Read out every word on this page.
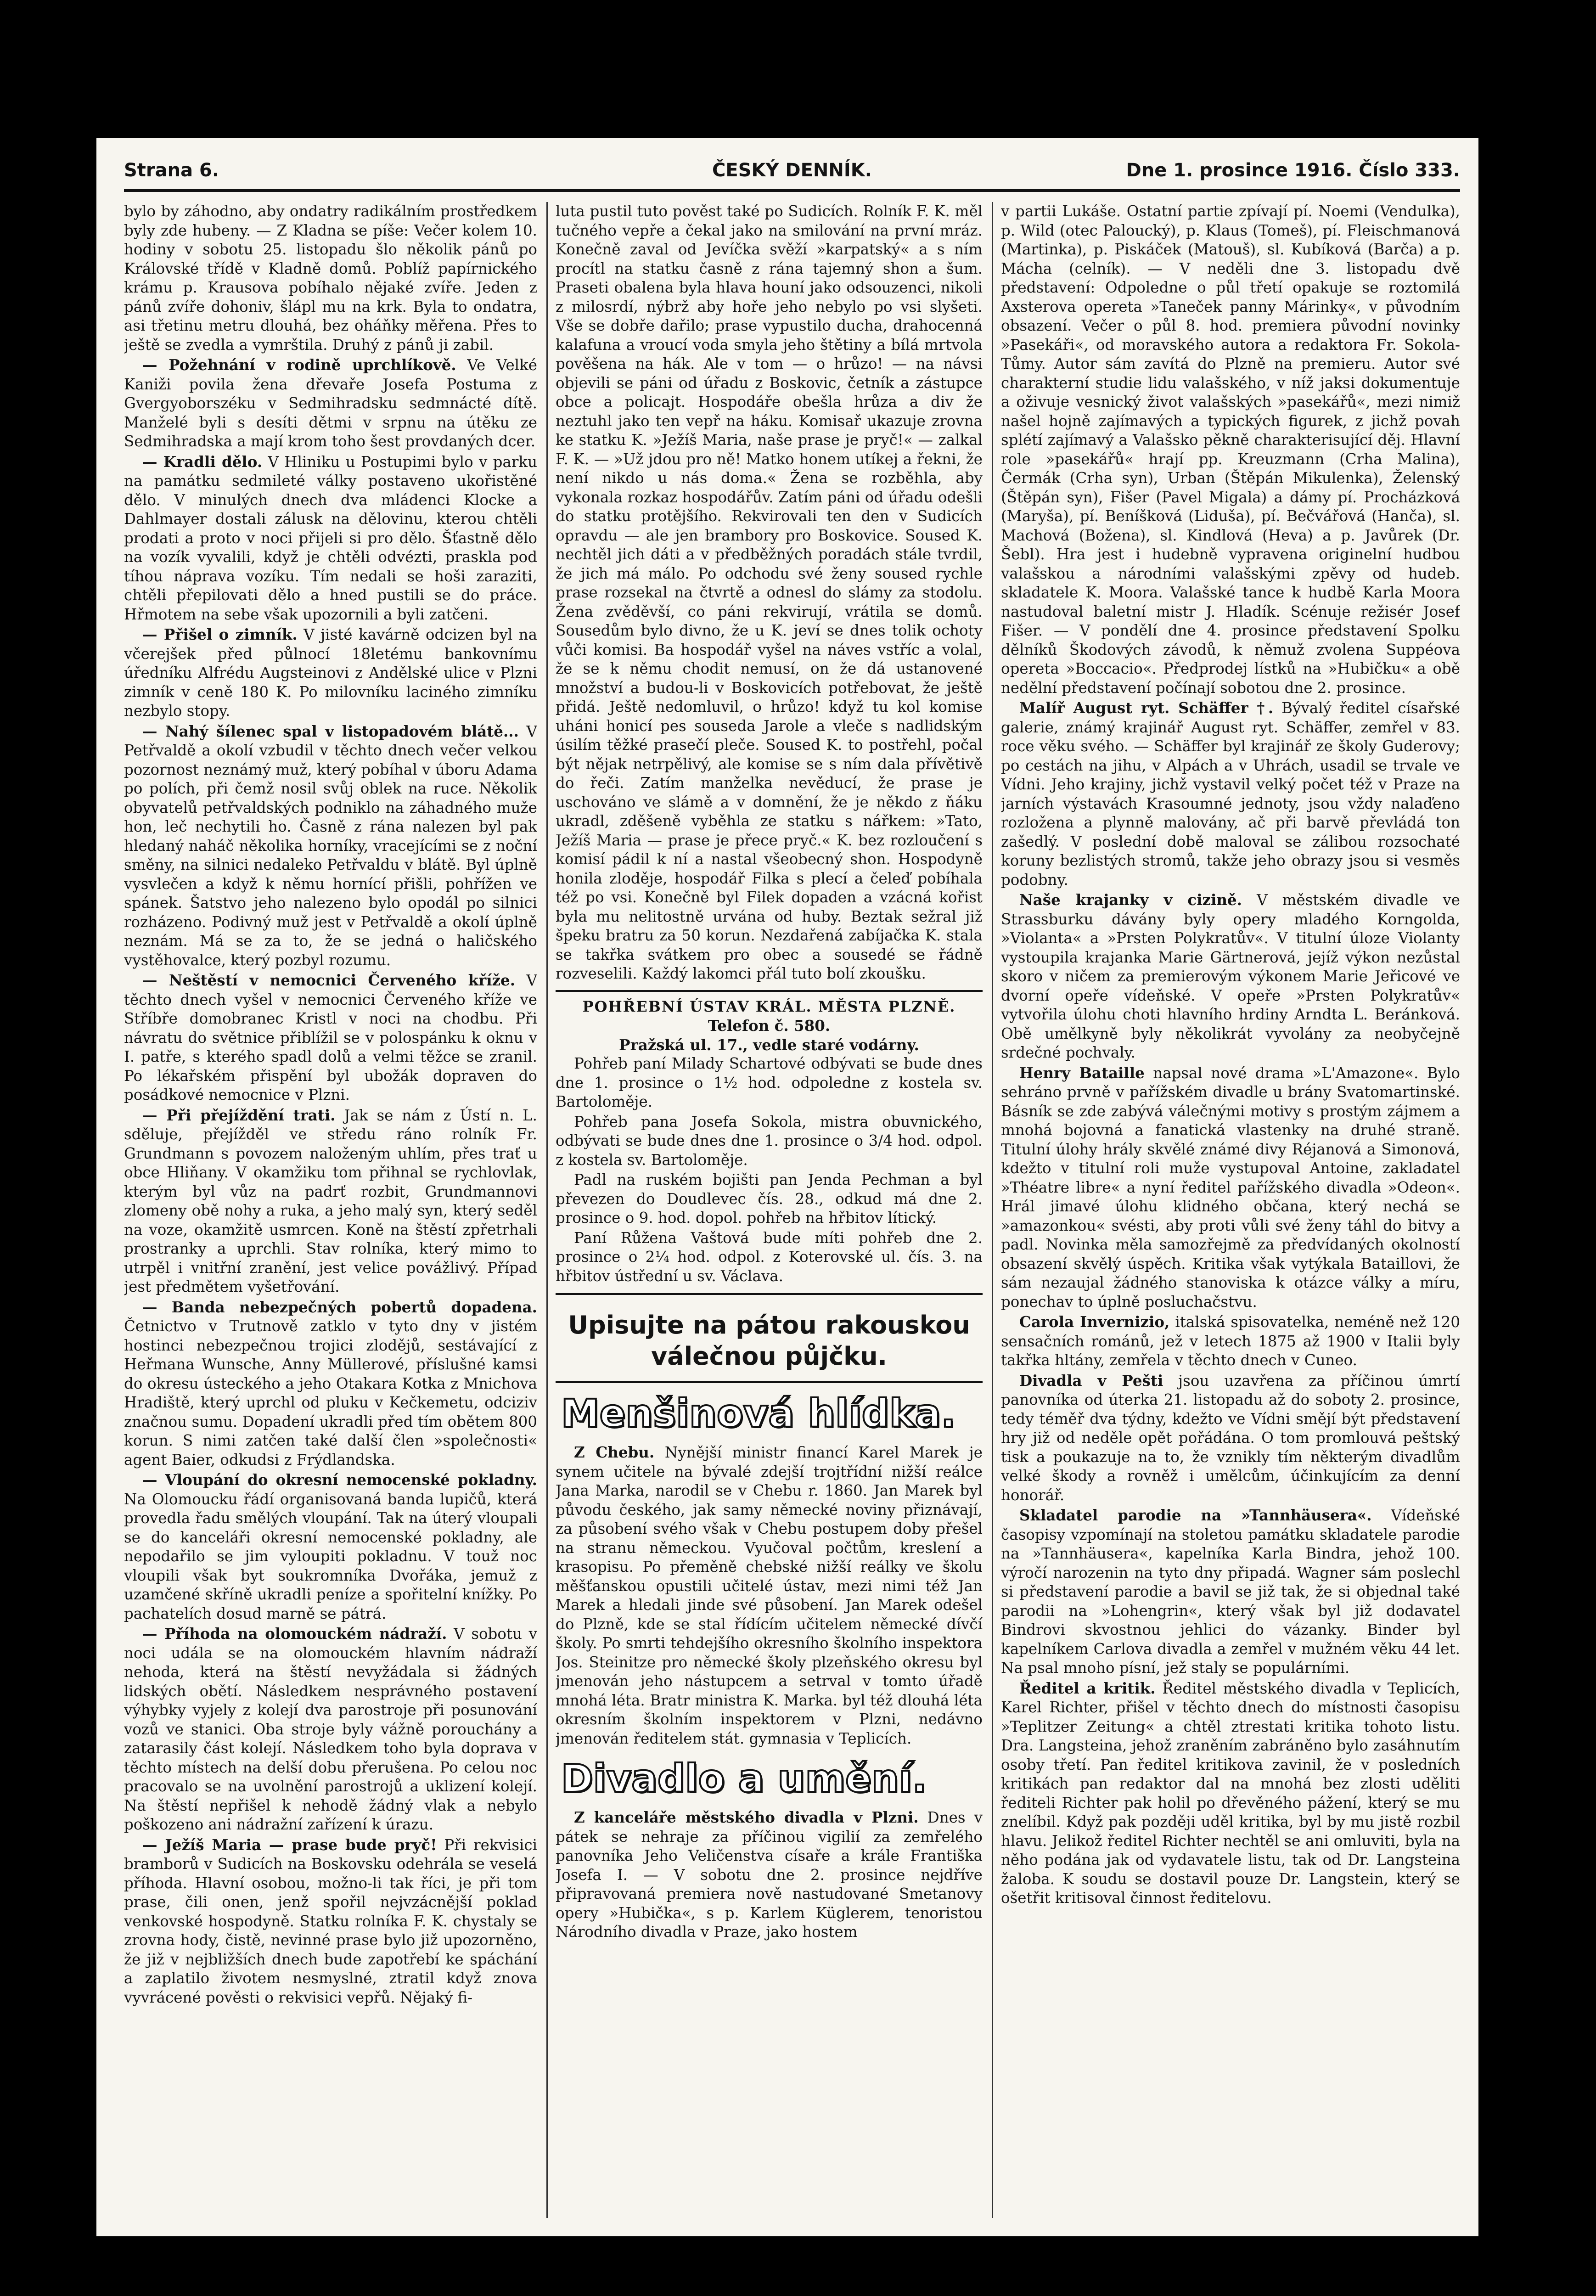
Strana 6.	ČESKÝ DENNÍK.	Dne 1. prosince 1916. Číslo 333.

bylo by záhodno, aby ondatry radikálním prostředkem byly zde hubeny. — Z Kladna se píše: Večer kolem 10. hodiny v sobotu 25. listopadu šlo několik pánů po Královské třídě v Kladně domů. Poblíž papírnického krámu p. Krausova pobíhalo nějaké zvíře. Jeden z pánů zvíře dohoniv, šlápl mu na krk. Byla to ondatra, asi třetinu metru dlouhá, bez oháňky měřena. Přes to ještě se zvedla a vymrštila. Druhý z pánů ji zabil.

— Požehnání v rodině uprchlíkově. Ve Velké Kaniži povila žena dřevaře Josefa Postuma z Gvergyoborszéku v Sedmihradsku sedmnácté dítě. Manželé byli s desíti dětmi v srpnu na útěku ze Sedmihradska a mají krom toho šest provdaných dcer.

— Kradli dělo. V Hliniku u Postupimi bylo v parku na památku sedmileté války postaveno ukořistěné dělo. V minulých dnech dva mládenci Klocke a Dahlmayer dostali zálusk na dělovinu, kterou chtěli prodati a proto v noci přijeli si pro dělo. Šťastně dělo na vozík vyvalili, když je chtěli odvézti, praskla pod tíhou náprava vozíku. Tím nedali se hoši zaraziti, chtěli přepilovati dělo a hned pustili se do práce. Hřmotem na sebe však upozornili a byli zatčeni.

— Přišel o zimník. V jisté kavárně odcizen byl na včerejšek před půlnocí 18letému bankovnímu úředníku Alfrédu Augsteinovi z Andělské ulice v Plzni zimník v ceně 180 K. Po milovníku laciného zimníku nezbylo stopy.

— Nahý šílenec spal v listopadovém blátě... V Petřvaldě a okolí vzbudil v těchto dnech večer velkou pozornost neznámý muž, který pobíhal v úboru Adama po polích, při čemž nosil svůj oblek na ruce. Několik obyvatelů petřvaldských podniklo na záhadného muže hon, leč nechytili ho. Časně z rána nalezen byl pak hledaný naháč několika horníky, vracejícími se z noční směny, na silnici nedaleko Petřvaldu v blátě. Byl úplně vysvlečen a když k němu hornící přišli, pohřížen ve spánek. Šatstvo jeho nalezeno bylo opodál po silnici rozházeno. Podivný muž jest v Petřvaldě a okolí úplně neznám. Má se za to, že se jedná o haličského vystěhovalce, který pozbyl rozumu.

— Neštěstí v nemocnici Červeného kříže. V těchto dnech vyšel v nemocnici Červeného kříže ve Stříbře domobranec Kristl v noci na chodbu. Při návratu do světnice přiblížil se v polospánku k oknu v I. patře, s kterého spadl dolů a velmi těžce se zranil. Po lékařském přispění byl ubožák dopraven do posádkové nemocnice v Plzni.

— Při přejíždění trati. Jak se nám z Ústí n. L. sděluje, přejížděl ve středu ráno rolník Fr. Grundmann s povozem naloženým uhlím, přes trať u obce Hliňany. V okamžiku tom přihnal se rychlovlak, kterým byl vůz na padrť rozbit, Grundmannovi zlomeny obě nohy a ruka, a jeho malý syn, který seděl na voze, okamžitě usmrcen. Koně na štěstí zpřetrhali prostranky a uprchli. Stav rolníka, který mimo to utrpěl i vnitřní zranění, jest velice povážlivý. Případ jest předmětem vyšetřování.

— Banda nebezpečných pobertů dopadena. Četnictvo v Trutnově zatklo v tyto dny v jistém hostinci nebezpečnou trojici zlodějů, sestávající z Heřmana Wunsche, Anny Müllerové, příslušné kamsi do okresu ústeckého a jeho Otakara Kotka z Mnichova Hradiště, který uprchl od pluku v Kečkemetu, odciziv značnou sumu. Dopadení ukradli před tím obětem 800 korun. S nimi zatčen také další člen »společnosti« agent Baier, odkudsi z Frýdlandska.

— Vloupání do okresní nemocenské pokladny. Na Olomoucku řádí organisovaná banda lupičů, která provedla řadu smělých vloupání. Tak na úterý vloupali se do kanceláři okresní nemocenské pokladny, ale nepodařilo se jim vyloupiti pokladnu. V touž noc vloupili však byt soukromníka Dvořáka, jemuž z uzamčené skříně ukradli peníze a spořitelní knížky. Po pachatelích dosud marně se pátrá.

— Příhoda na olomouckém nádraží. V sobotu v noci udála se na olomouckém hlavním nádraží nehoda, která na štěstí nevyžádala si žádných lidských obětí. Následkem nesprávného postavení výhybky vyjely z kolejí dva parostroje při posunování vozů ve stanici. Oba stroje byly vážně porouchány a zatarasily část kolejí. Následkem toho byla doprava v těchto místech na delší dobu přerušena. Po celou noc pracovalo se na uvolnění parostrojů a uklizení kolejí. Na štěstí nepřišel k nehodě žádný vlak a nebylo poškozeno ani nádražní zařízení k úrazu.

— Ježíš Maria — prase bude pryč! Při rekvisici bramborů v Sudicích na Boskovsku odehrála se veselá příhoda. Hlavní osobou, možno-li tak říci, je při tom prase, čili onen, jenž spořil nejvzácnější poklad venkovské hospodyně. Statku rolníka F. K. chystaly se zrovna hody, čistě, nevinné prase bylo již upozorněno, že již v nejbližších dnech bude zapotřebí ke spáchání a zaplatilo životem nesmyslné, ztratil když znova vyvrácené pověsti o rekvisici vepřů. Nějaký fi-

luta pustil tuto pověst také po Sudicích. Rolník F. K. měl tučného vepře a čekal jako na smilování na první mráz. Konečně zaval od Jevíčka svěží »karpatský« a s ním procítl na statku časně z rána tajemný shon a šum. Praseti obalena byla hlava houní jako odsouzenci, nikoli z milosrdí, nýbrž aby hoře jeho nebylo po vsi slyšeti. Vše se dobře dařilo; prase vypustilo ducha, drahocenná kalafuna a vroucí voda smyla jeho štětiny a bílá mrtvola pověšena na hák. Ale v tom — o hrůzo! — na návsi objevili se páni od úřadu z Boskovic, četník a zástupce obce a policajt. Hospodáře obešla hrůza a div že neztuhl jako ten vepř na háku. Komisař ukazuje zrovna ke statku K. »Ježíš Maria, naše prase je pryč!« — zalkal F. K. — »Už jdou pro ně! Matko honem utíkej a řekni, že není nikdo u nás doma.« Žena se rozběhla, aby vykonala rozkaz hospodářův. Zatím páni od úřadu odešli do statku protějšího. Rekvirovali ten den v Sudicích opravdu — ale jen brambory pro Boskovice. Soused K. nechtěl jich dáti a v předběžných poradách stále tvrdil, že jich má málo. Po odchodu své ženy soused rychle prase rozsekal na čtvrtě a odnesl do slámy za stodolu. Žena zvěděvší, co páni rekvirují, vrátila se domů. Sousedům bylo divno, že u K. jeví se dnes tolik ochoty vůči komisi. Ba hospodář vyšel na náves vstříc a volal, že se k němu chodit nemusí, on že dá ustanovené množství a budou-li v Boskovicích potřebovat, že ještě přidá. Ještě nedomluvil, o hrůzo! když tu kol komise uháni honicí pes souseda Jarole a vleče s nadlidským úsilím těžké prasečí pleče. Soused K. to postřehl, počal být nějak netrpělivý, ale komise se s ním dala přívětivě do řeči. Zatím manželka nevěducí, že prase je uschováno ve slámě a v domnění, že je někdo z ňáku ukradl, zděšeně vyběhla ze statku s nářkem: »Tato, Ježíš Maria — prase je přece pryč.« K. bez rozloučení s komisí pádil k ní a nastal všeobecný shon. Hospodyně honila zloděje, hospodář Filka s plecí a čeleď pobíhala též po vsi. Konečně byl Filek dopaden a vzácná kořist byla mu nelitostně urvána od huby. Beztak sežral již špeku bratru za 50 korun. Nezdařená zabíjačka K. stala se takřka svátkem pro obec a sousedé se řádně rozveselili. Každý lakomci přál tuto bolí zkoušku.

POHŘEBNÍ ÚSTAV KRÁL. MĚSTA PLZNĚ.
Telefon č. 580.
Pražská ul. 17., vedle staré vodárny.

Pohřeb paní Milady Schartové odbývati se bude dnes dne 1. prosince o 1½ hod. odpoledne z kostela sv. Bartoloměje.

Pohřeb pana Josefa Sokola, mistra obuvnického, odbývati se bude dnes dne 1. prosince o 3/4 hod. odpol. z kostela sv. Bartoloměje.

Padl na ruském bojišti pan Jenda Pechman a byl převezen do Doudlevec čís. 28., odkud má dne 2. prosince o 9. hod. dopol. pohřeb na hřbitov lítický.

Paní Růžena Vaštová bude míti pohřeb dne 2. prosince o 2¼ hod. odpol. z Koterovské ul. čís. 3. na hřbitov ústřední u sv. Václava.

Upisujte na pátou rakouskou válečnou půjčku.
Menšinová hlídka.

Z Chebu. Nynější ministr financí Karel Marek je synem učitele na bývalé zdejší trojtřídní nižší reálce Jana Marka, narodil se v Chebu r. 1860. Jan Marek byl původu českého, jak samy německé noviny přiznávají, za působení svého však v Chebu postupem doby přešel na stranu německou. Vyučoval počtům, kreslení a krasopisu. Po přeměně chebské nižší reálky ve školu měšťanskou opustili učitelé ústav, mezi nimi též Jan Marek a hledali jinde své působení. Jan Marek odešel do Plzně, kde se stal řídícím učitelem německé dívčí školy. Po smrti tehdejšího okresního školního inspektora Jos. Steinitze pro německé školy plzeňského okresu byl jmenován jeho nástupcem a setrval v tomto úřadě mnohá léta. Bratr ministra K. Marka. byl též dlouhá léta okresním školním inspektorem v Plzni, nedávno jmenován ředitelem stát. gymnasia v Teplicích.

Divadlo a umění.

Z kanceláře městského divadla v Plzni. Dnes v pátek se nehraje za příčinou vigilií za zemřelého panovníka Jeho Veličenstva císaře a krále Františka Josefa I. — V sobotu dne 2. prosince nejdříve připravovaná premiera nově nastudované Smetanovy opery »Hubička«, s p. Karlem Küglerem, tenoristou Národního divadla v Praze, jako hostem

v partii Lukáše. Ostatní partie zpívají pí. Noemi (Vendulka), p. Wild (otec Paloucký), p. Klaus (Tomeš), pí. Fleischmanová (Martinka), p. Piskáček (Matouš), sl. Kubíková (Barča) a p. Mácha (celník). — V neděli dne 3. listopadu dvě představení: Odpoledne o půl třetí opakuje se roztomilá Axsterova opereta »Taneček panny Márinky«, v původním obsazení. Večer o půl 8. hod. premiera původní novinky »Pasekáři«, od moravského autora a redaktora Fr. Sokola-Tůmy. Autor sám zavítá do Plzně na premieru. Autor své charakterní studie lidu valašského, v níž jaksi dokumentuje a oživuje vesnický život valašských »pasekářů«, mezi nimiž našel hojně zajímavých a typických figurek, z jichž povah splétí zajímavý a Valašsko pěkně charakterisující děj. Hlavní role »pasekářů« hrají pp. Kreuzmann (Crha Malina), Čermák (Crha syn), Urban (Štěpán Mikulenka), Želenský (Štěpán syn), Fišer (Pavel Migala) a dámy pí. Procházková (Maryša), pí. Beníšková (Liduša), pí. Bečvářová (Hanča), sl. Machová (Božena), sl. Kindlová (Heva) a p. Javůrek (Dr. Šebl). Hra jest i hudebně vypravena originelní hudbou valašskou a národními valašskými zpěvy od hudeb. skladatele K. Moora. Valašské tance k hudbě Karla Moora nastudoval baletní mistr J. Hladík. Scénuje režisér Josef Fišer. — V pondělí dne 4. prosince představení Spolku dělníků Škodových závodů, k němuž zvolena Suppéova opereta »Boccacio«. Předprodej lístků na »Hubičku« a obě nedělní představení počínají sobotou dne 2. prosince.

Malíř August ryt. Schäffer †. Bývalý ředitel císařské galerie, známý krajinář August ryt. Schäffer, zemřel v 83. roce věku svého. — Schäffer byl krajinář ze školy Guderovy; po cestách na jihu, v Alpách a v Uhrách, usadil se trvale ve Vídni. Jeho krajiny, jichž vystavil velký počet též v Praze na jarních výstavách Krasoumné jednoty, jsou vždy nalaďeno rozložena a plynně malovány, ač při barvě převládá ton zašedlý. V poslední době maloval se zálibou rozsochaté koruny bezlistých stromů, takže jeho obrazy jsou si vesměs podobny.

Naše krajanky v cizině. V městském divadle ve Strassburku dávány byly opery mladého Korngolda, »Violanta« a »Prsten Polykratův«. V titulní úloze Violanty vystoupila krajanka Marie Gärtnerová, jejíž výkon nezůstal skoro v ničem za premierovým výkonem Marie Jeřicové ve dvorní opeře vídeňské. V opeře »Prsten Polykratův« vytvořila úlohu choti hlavního hrdiny Arndta L. Beránková. Obě umělkyně byly několikrát vyvolány za neobyčejně srdečné pochvaly.

Henry Bataille napsal nové drama »L'Amazone«. Bylo sehráno prvně v pařížském divadle u brány Svatomartinské. Básník se zde zabývá válečnými motivy s prostým zájmem a mnohá bojovná a fanatická vlastenky na druhé straně. Titulní úlohy hrály skvělé známé divy Réjanová a Simonová, kdežto v titulní roli muže vystupoval Antoine, zakladatel »Théatre libre« a nyní ředitel pařížského divadla »Odeon«. Hrál jimavé úlohu klidného občana, který nechá se »amazonkou« svésti, aby proti vůli své ženy táhl do bitvy a padl. Novinka měla samozřejmě za předvídaných okolností obsazení skvělý úspěch. Kritika však vytýkala Bataillovi, že sám nezaujal žádného stanoviska k otázce války a míru, ponechav to úplně posluchačstvu.

Carola Invernizio, italská spisovatelka, neméně než 120 sensačních románů, jež v letech 1875 až 1900 v Italii byly takřka hltány, zemřela v těchto dnech v Cuneo.

Divadla v Pešti jsou uzavřena za příčinou úmrtí panovníka od úterka 21. listopadu až do soboty 2. prosince, tedy téměř dva týdny, kdežto ve Vídni smějí být představení hry již od neděle opět pořádána. O tom promlouvá peštský tisk a poukazuje na to, že vznikly tím některým divadlům velké škody a rovněž i umělcům, účinkujícím za denní honorář.

Skladatel parodie na »Tannhäusera«. Vídeňské časopisy vzpomínají na stoletou památku skladatele parodie na »Tannhäusera«, kapelníka Karla Bindra, jehož 100. výročí narozenin na tyto dny připadá. Wagner sám poslechl si představení parodie a bavil se již tak, že si objednal také parodii na »Lohengrin«, který však byl již dodavatel Bindrovi skvostnou jehlici do vázanky. Binder byl kapelníkem Carlova divadla a zemřel v mužném věku 44 let. Na psal mnoho písní, jež staly se populárními.

Ředitel a kritik. Ředitel městského divadla v Teplicích, Karel Richter, přišel v těchto dnech do místnosti časopisu »Teplitzer Zeitung« a chtěl ztrestati kritika tohoto listu. Dra. Langsteina, jehož zraněním zabráněno bylo zasáhnutím osoby třetí. Pan ředitel kritikova zavinil, že v posledních kritikách pan redaktor dal na mnohá bez zlosti uděliti řediteli Richter pak holil po dřevěného pážení, který se mu znelíbil. Když pak později uděl kritika, byl by mu jistě rozbil hlavu. Jelikož ředitel Richter nechtěl se ani omluviti, byla na něho podána jak od vydavatele listu, tak od Dr. Langsteina žaloba. K soudu se dostavil pouze Dr. Langstein, který se ošetřit kritisoval činnost ředitelovu.
